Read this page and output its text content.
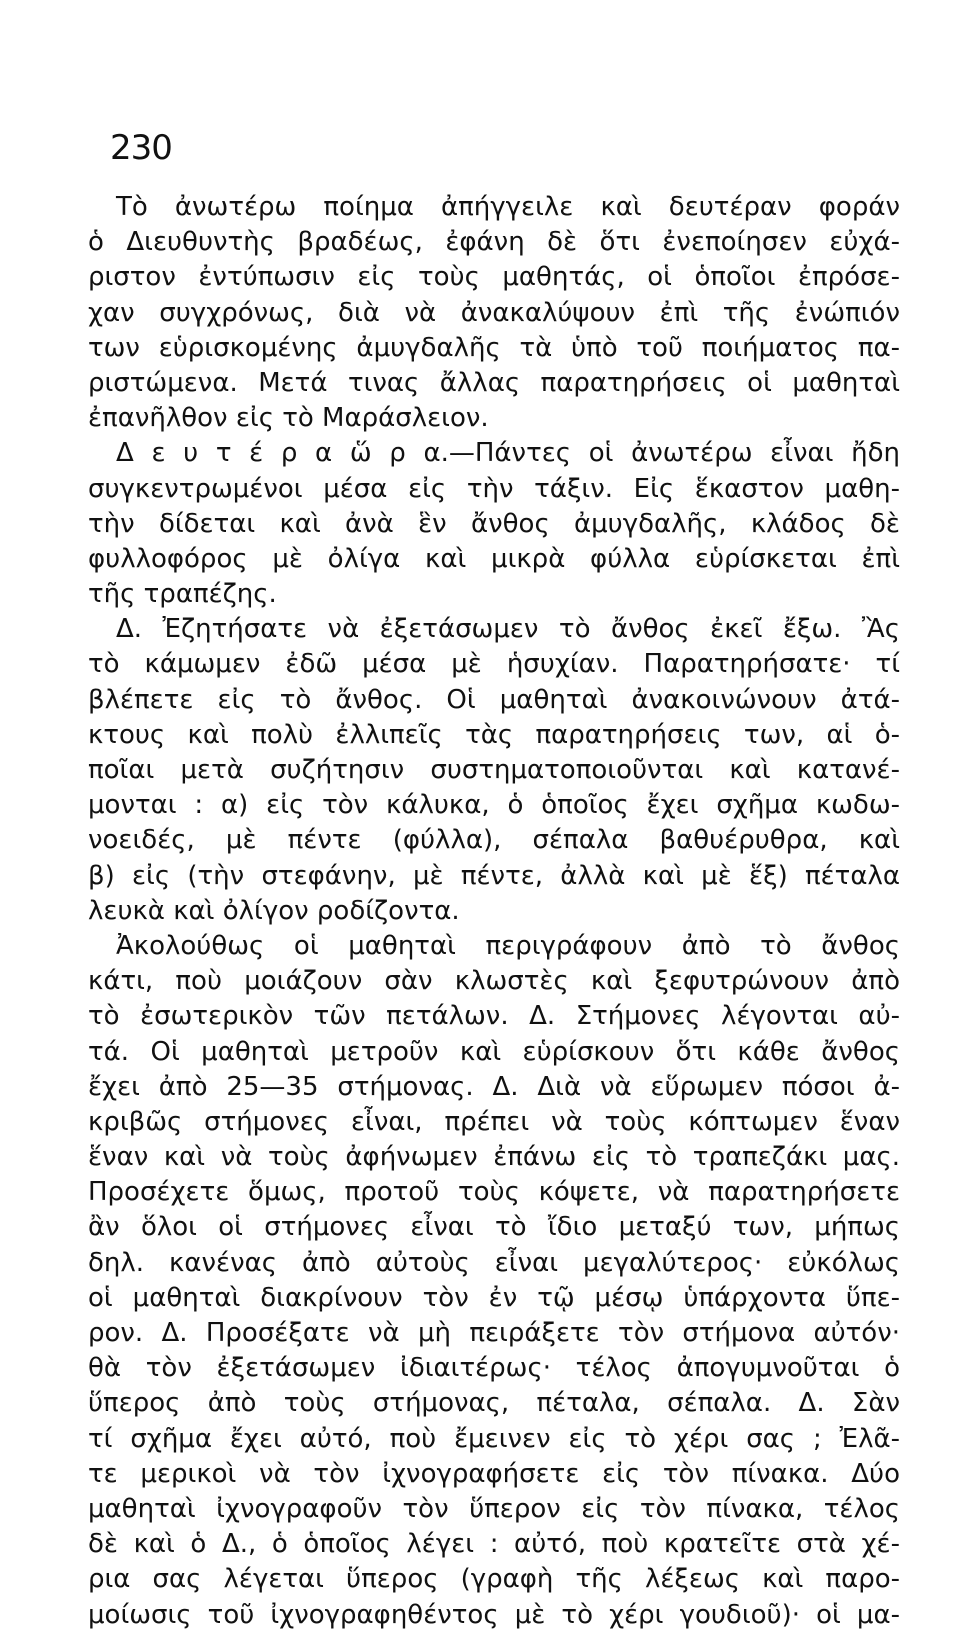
230
Τὸ ἀνωτέρω ποίημα ἀπήγγειλε καὶ δευτέραν φοράν
ὁ Διευθυντὴς βραδέως, ἐφάνη δὲ ὅτι ἐνεποίησεν εὐχά-
ριστον ἐντύπωσιν εἰς τοὺς μαθητάς, οἱ ὁποῖοι ἐπρόσε-
χαν συγχρόνως, διὰ νὰ ἀνακαλύψουν ἐπὶ τῆς ἐνώπιόν
των εὑρισκομένης ἀμυγδαλῆς τὰ ὑπὸ τοῦ ποιήματος πα-
ριστώμενα. Μετά τινας ἄλλας παρατηρήσεις οἱ μαθηταὶ
ἐπανῆλθον εἰς τὸ Μαράσλειον.
Δ ε υ τ έ ρ α ὥ ρ α.—Πάντες οἱ ἀνωτέρω εἶναι ἤδη
συγκεντρωμένοι μέσα εἰς τὴν τάξιν. Εἰς ἕκαστον μαθη-
τὴν δίδεται καὶ ἀνὰ ἓν ἄνθος ἀμυγδαλῆς, κλάδος δὲ
φυλλοφόρος μὲ ὀλίγα καὶ μικρὰ φύλλα εὑρίσκεται ἐπὶ
τῆς τραπέζης.
Δ. Ἐζητήσατε νὰ ἐξετάσωμεν τὸ ἄνθος ἐκεῖ ἔξω. Ἂς
τὸ κάμωμεν ἐδῶ μέσα μὲ ἡσυχίαν. Παρατηρήσατε· τί
βλέπετε εἰς τὸ ἄνθος. Οἱ μαθηταὶ ἀνακοινώνουν ἀτά-
κτους καὶ πολὺ ἐλλιπεῖς τὰς παρατηρήσεις των, αἱ ὁ-
ποῖαι μετὰ συζήτησιν συστηματοποιοῦνται καὶ κατανέ-
μονται : α) εἰς τὸν κάλυκα, ὁ ὁποῖος ἔχει σχῆμα κωδω-
νοειδές, μὲ πέντε (φύλλα), σέπαλα βαθυέρυθρα, καὶ
β) εἰς (τὴν στεφάνην, μὲ πέντε, ἀλλὰ καὶ μὲ ἕξ) πέταλα
λευκὰ καὶ ὀλίγον ροδίζοντα.
Ἀκολούθως οἱ μαθηταὶ περιγράφουν ἀπὸ τὸ ἄνθος
κάτι, ποὺ μοιάζουν σὰν κλωστὲς καὶ ξεφυτρώνουν ἀπὸ
τὸ ἐσωτερικὸν τῶν πετάλων. Δ. Στήμονες λέγονται αὐ-
τά. Οἱ μαθηταὶ μετροῦν καὶ εὑρίσκουν ὅτι κάθε ἄνθος
ἔχει ἀπὸ 25—35 στήμονας. Δ. Διὰ νὰ εὕρωμεν πόσοι ἀ-
κριβῶς στήμονες εἶναι, πρέπει νὰ τοὺς κόπτωμεν ἕναν
ἕναν καὶ νὰ τοὺς ἀφήνωμεν ἐπάνω εἰς τὸ τραπεζάκι μας.
Προσέχετε ὅμως, προτοῦ τοὺς κόψετε, νὰ παρατηρήσετε
ἂν ὅλοι οἱ στήμονες εἶναι τὸ ἴδιο μεταξύ των, μήπως
δηλ. κανένας ἀπὸ αὐτοὺς εἶναι μεγαλύτερος· εὐκόλως
οἱ μαθηταὶ διακρίνουν τὸν ἐν τῷ μέσῳ ὑπάρχοντα ὕπε-
ρον. Δ. Προσέξατε νὰ μὴ πειράξετε τὸν στήμονα αὐτόν·
θὰ τὸν ἐξετάσωμεν ἰδιαιτέρως· τέλος ἀπογυμνοῦται ὁ
ὕπερος ἀπὸ τοὺς στήμονας, πέταλα, σέπαλα. Δ. Σὰν
τί σχῆμα ἔχει αὐτό, ποὺ ἔμεινεν εἰς τὸ χέρι σας ; Ἐλᾶ-
τε μερικοὶ νὰ τὸν ἰχνογραφήσετε εἰς τὸν πίνακα. Δύο
μαθηταὶ ἰχνογραφοῦν τὸν ὕπερον εἰς τὸν πίνακα, τέλος
δὲ καὶ ὁ Δ., ὁ ὁποῖος λέγει : αὐτό, ποὺ κρατεῖτε στὰ χέ-
ρια σας λέγεται ὕπερος (γραφὴ τῆς λέξεως καὶ παρο-
μοίωσις τοῦ ἰχνογραφηθέντος μὲ τὸ χέρι γουδιοῦ)· οἱ μα-
